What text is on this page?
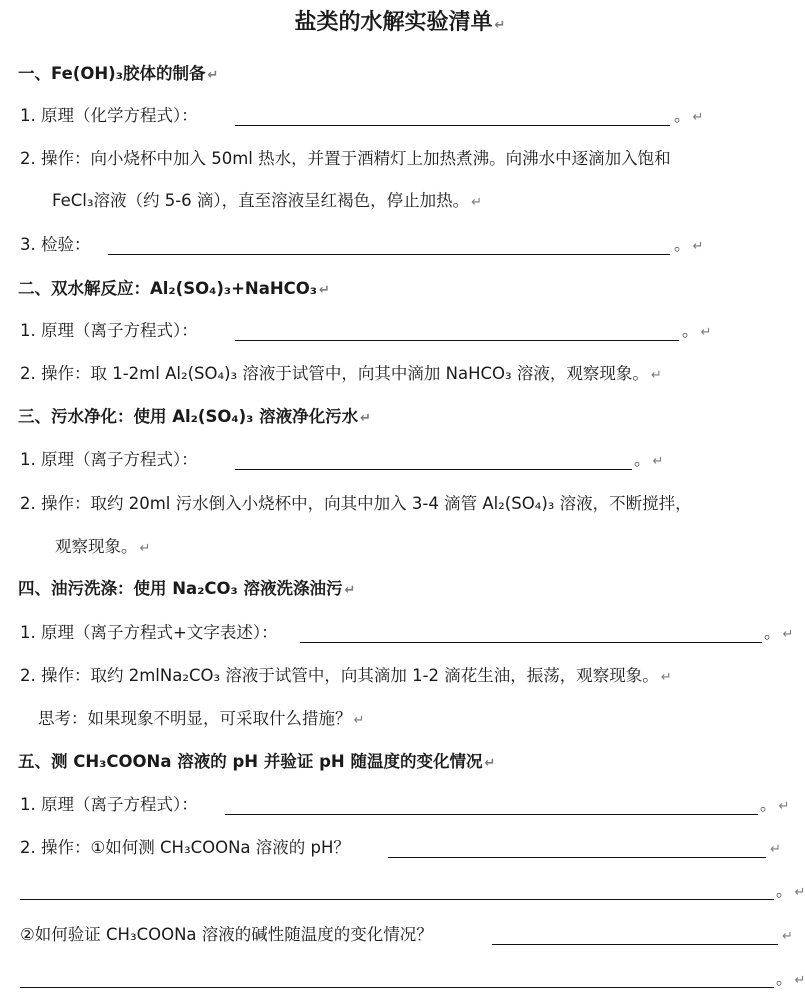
盐类的水解实验清单 ↵
一、Fe(OH)₃胶体的制备 ↵
1. 原理（化学方程式）：	。 ↵
2. 操作：向小烧杯中加入 50ml 热水，并置于酒精灯上加热煮沸。向沸水中逐滴加入饱和
FeCl₃溶液（约 5-6 滴），直至溶液呈红褐色，停止加热。 ↵
3. 检验：	。 ↵
二、双水解反应：Al₂(SO₄)₃+NaHCO₃ ↵
1. 原理（离子方程式）：	。 ↵
2. 操作：取 1-2ml Al₂(SO₄)₃ 溶液于试管中，向其中滴加 NaHCO₃ 溶液，观察现象。 ↵
三、污水净化：使用 Al₂(SO₄)₃ 溶液净化污水 ↵
1. 原理（离子方程式）：	。 ↵
2. 操作：取约 20ml 污水倒入小烧杯中，向其中加入 3-4 滴管 Al₂(SO₄)₃ 溶液，不断搅拌，
观察现象。 ↵
四、油污洗涤：使用 Na₂CO₃ 溶液洗涤油污 ↵
1. 原理（离子方程式+文字表述）：	。 ↵
2. 操作：取约 2mlNa₂CO₃ 溶液于试管中，向其滴加 1-2 滴花生油，振荡，观察现象。 ↵
思考：如果现象不明显，可采取什么措施？ ↵
五、测 CH₃COONa 溶液的 pH 并验证 pH 随温度的变化情况 ↵
1. 原理（离子方程式）：	。 ↵
2. 操作：①如何测 CH₃COONa 溶液的 pH？	↵
。 ↵
②如何验证 CH₃COONa 溶液的碱性随温度的变化情况？	↵
。 ↵
